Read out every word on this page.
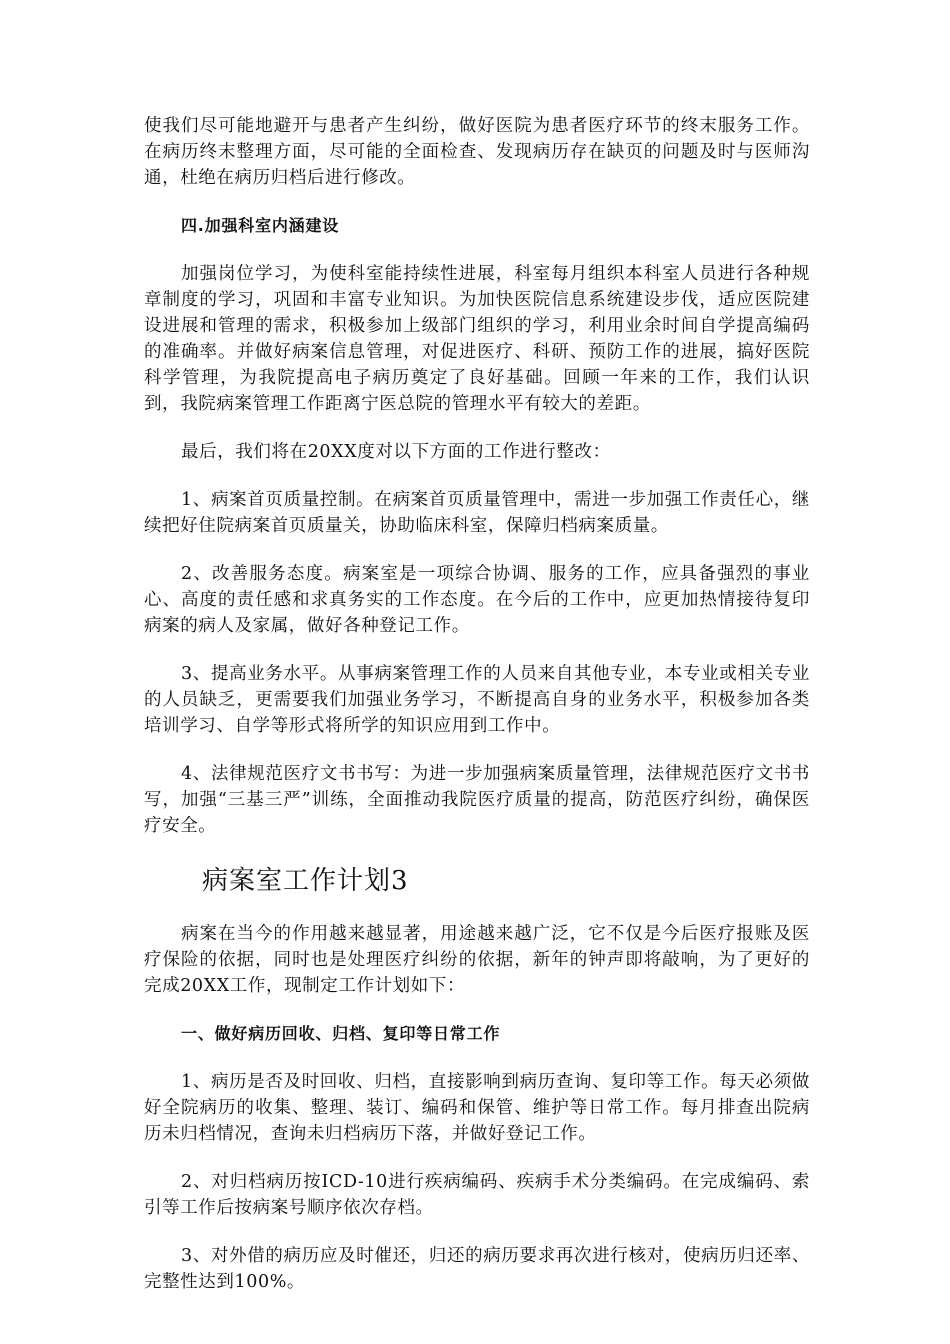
使我们尽可能地避开与患者产生纠纷，做好医院为患者医疗环节的终末服务工作。在病历终末整理方面，尽可能的全面检查、发现病历存在缺页的问题及时与医师沟通，杜绝在病历归档后进行修改。

四.加强科室内涵建设

加强岗位学习，为使科室能持续性进展，科室每月组织本科室人员进行各种规章制度的学习，巩固和丰富专业知识。为加快医院信息系统建设步伐，适应医院建设进展和管理的需求，积极参加上级部门组织的学习，利用业余时间自学提高编码的准确率。并做好病案信息管理，对促进医疗、科研、预防工作的进展，搞好医院科学管理，为我院提高电子病历奠定了良好基础。回顾一年来的工作，我们认识到，我院病案管理工作距离宁医总院的管理水平有较大的差距。

最后，我们将在20XX度对以下方面的工作进行整改：

1、病案首页质量控制。在病案首页质量管理中，需进一步加强工作责任心，继续把好住院病案首页质量关，协助临床科室，保障归档病案质量。

2、改善服务态度。病案室是一项综合协调、服务的工作，应具备强烈的事业心、高度的责任感和求真务实的工作态度。在今后的工作中，应更加热情接待复印病案的病人及家属，做好各种登记工作。

3、提高业务水平。从事病案管理工作的人员来自其他专业，本专业或相关专业的人员缺乏，更需要我们加强业务学习，不断提高自身的业务水平，积极参加各类培训学习、自学等形式将所学的知识应用到工作中。

4、法律规范医疗文书书写：为进一步加强病案质量管理，法律规范医疗文书书写，加强“三基三严”训练，全面推动我院医疗质量的提高，防范医疗纠纷，确保医疗安全。

病案室工作计划3

病案在当今的作用越来越显著，用途越来越广泛，它不仅是今后医疗报账及医疗保险的依据，同时也是处理医疗纠纷的依据，新年的钟声即将敲响，为了更好的完成20XX工作，现制定工作计划如下：

一、做好病历回收、归档、复印等日常工作

1、病历是否及时回收、归档，直接影响到病历查询、复印等工作。每天必须做好全院病历的收集、整理、装订、编码和保管、维护等日常工作。每月排查出院病历未归档情况，查询未归档病历下落，并做好登记工作。

2、对归档病历按ICD-10进行疾病编码、疾病手术分类编码。在完成编码、索引等工作后按病案号顺序依次存档。

3、对外借的病历应及时催还，归还的病历要求再次进行核对，使病历归还率、完整性达到100%。
